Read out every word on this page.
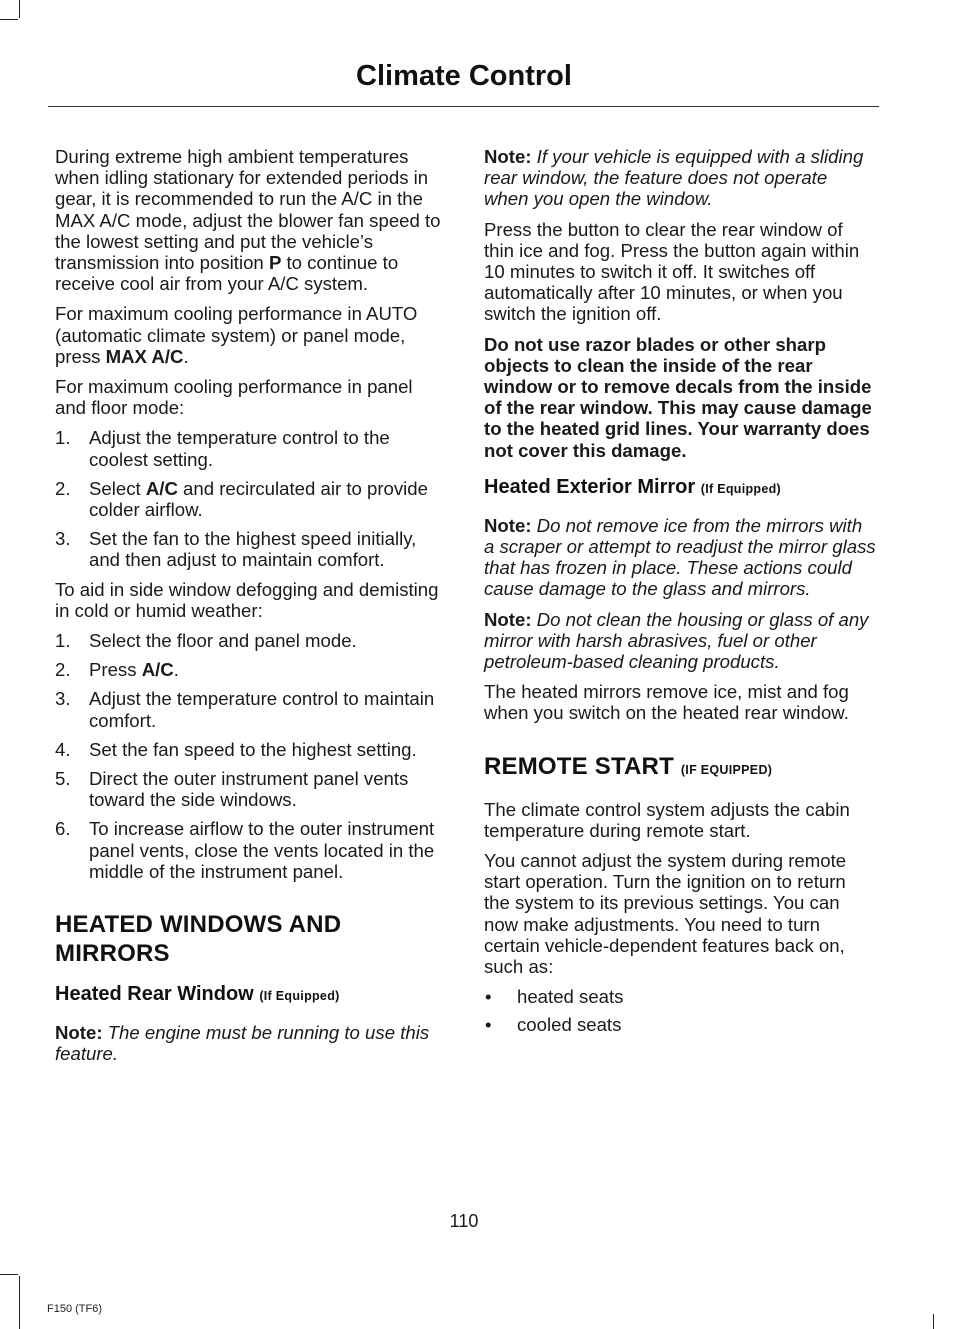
Climate Control

During extreme high ambient temperatures when idling stationary for extended periods in gear, it is recommended to run the A/C in the MAX A/C mode, adjust the blower fan speed to the lowest setting and put the vehicle’s transmission into position P to continue to receive cool air from your A/C system.

For maximum cooling performance in AUTO (automatic climate system) or panel mode, press MAX A/C.

For maximum cooling performance in panel and floor mode:

1. Adjust the temperature control to the coolest setting.
2. Select A/C and recirculated air to provide colder airflow.
3. Set the fan to the highest speed initially, and then adjust to maintain comfort.

To aid in side window defogging and demisting in cold or humid weather:

1. Select the floor and panel mode.
2. Press A/C.
3. Adjust the temperature control to maintain comfort.
4. Set the fan speed to the highest setting.
5. Direct the outer instrument panel vents toward the side windows.
6. To increase airflow to the outer instrument panel vents, close the vents located in the middle of the instrument panel.
HEATED WINDOWS AND MIRRORS
Heated Rear Window (If Equipped)

Note: The engine must be running to use this feature.

Note: If your vehicle is equipped with a sliding rear window, the feature does not operate when you open the window.

Press the button to clear the rear window of thin ice and fog. Press the button again within 10 minutes to switch it off. It switches off automatically after 10 minutes, or when you switch the ignition off.

Do not use razor blades or other sharp objects to clean the inside of the rear window or to remove decals from the inside of the rear window. This may cause damage to the heated grid lines. Your warranty does not cover this damage.

Heated Exterior Mirror (If Equipped)

Note: Do not remove ice from the mirrors with a scraper or attempt to readjust the mirror glass that has frozen in place. These actions could cause damage to the glass and mirrors.

Note: Do not clean the housing or glass of any mirror with harsh abrasives, fuel or other petroleum-based cleaning products.

The heated mirrors remove ice, mist and fog when you switch on the heated rear window.

REMOTE START (IF EQUIPPED)

The climate control system adjusts the cabin temperature during remote start.

You cannot adjust the system during remote start operation. Turn the ignition on to return the system to its previous settings. You can now make adjustments. You need to turn certain vehicle-dependent features back on, such as:

• heated seats
• cooled seats
110
F150 (TF6)
